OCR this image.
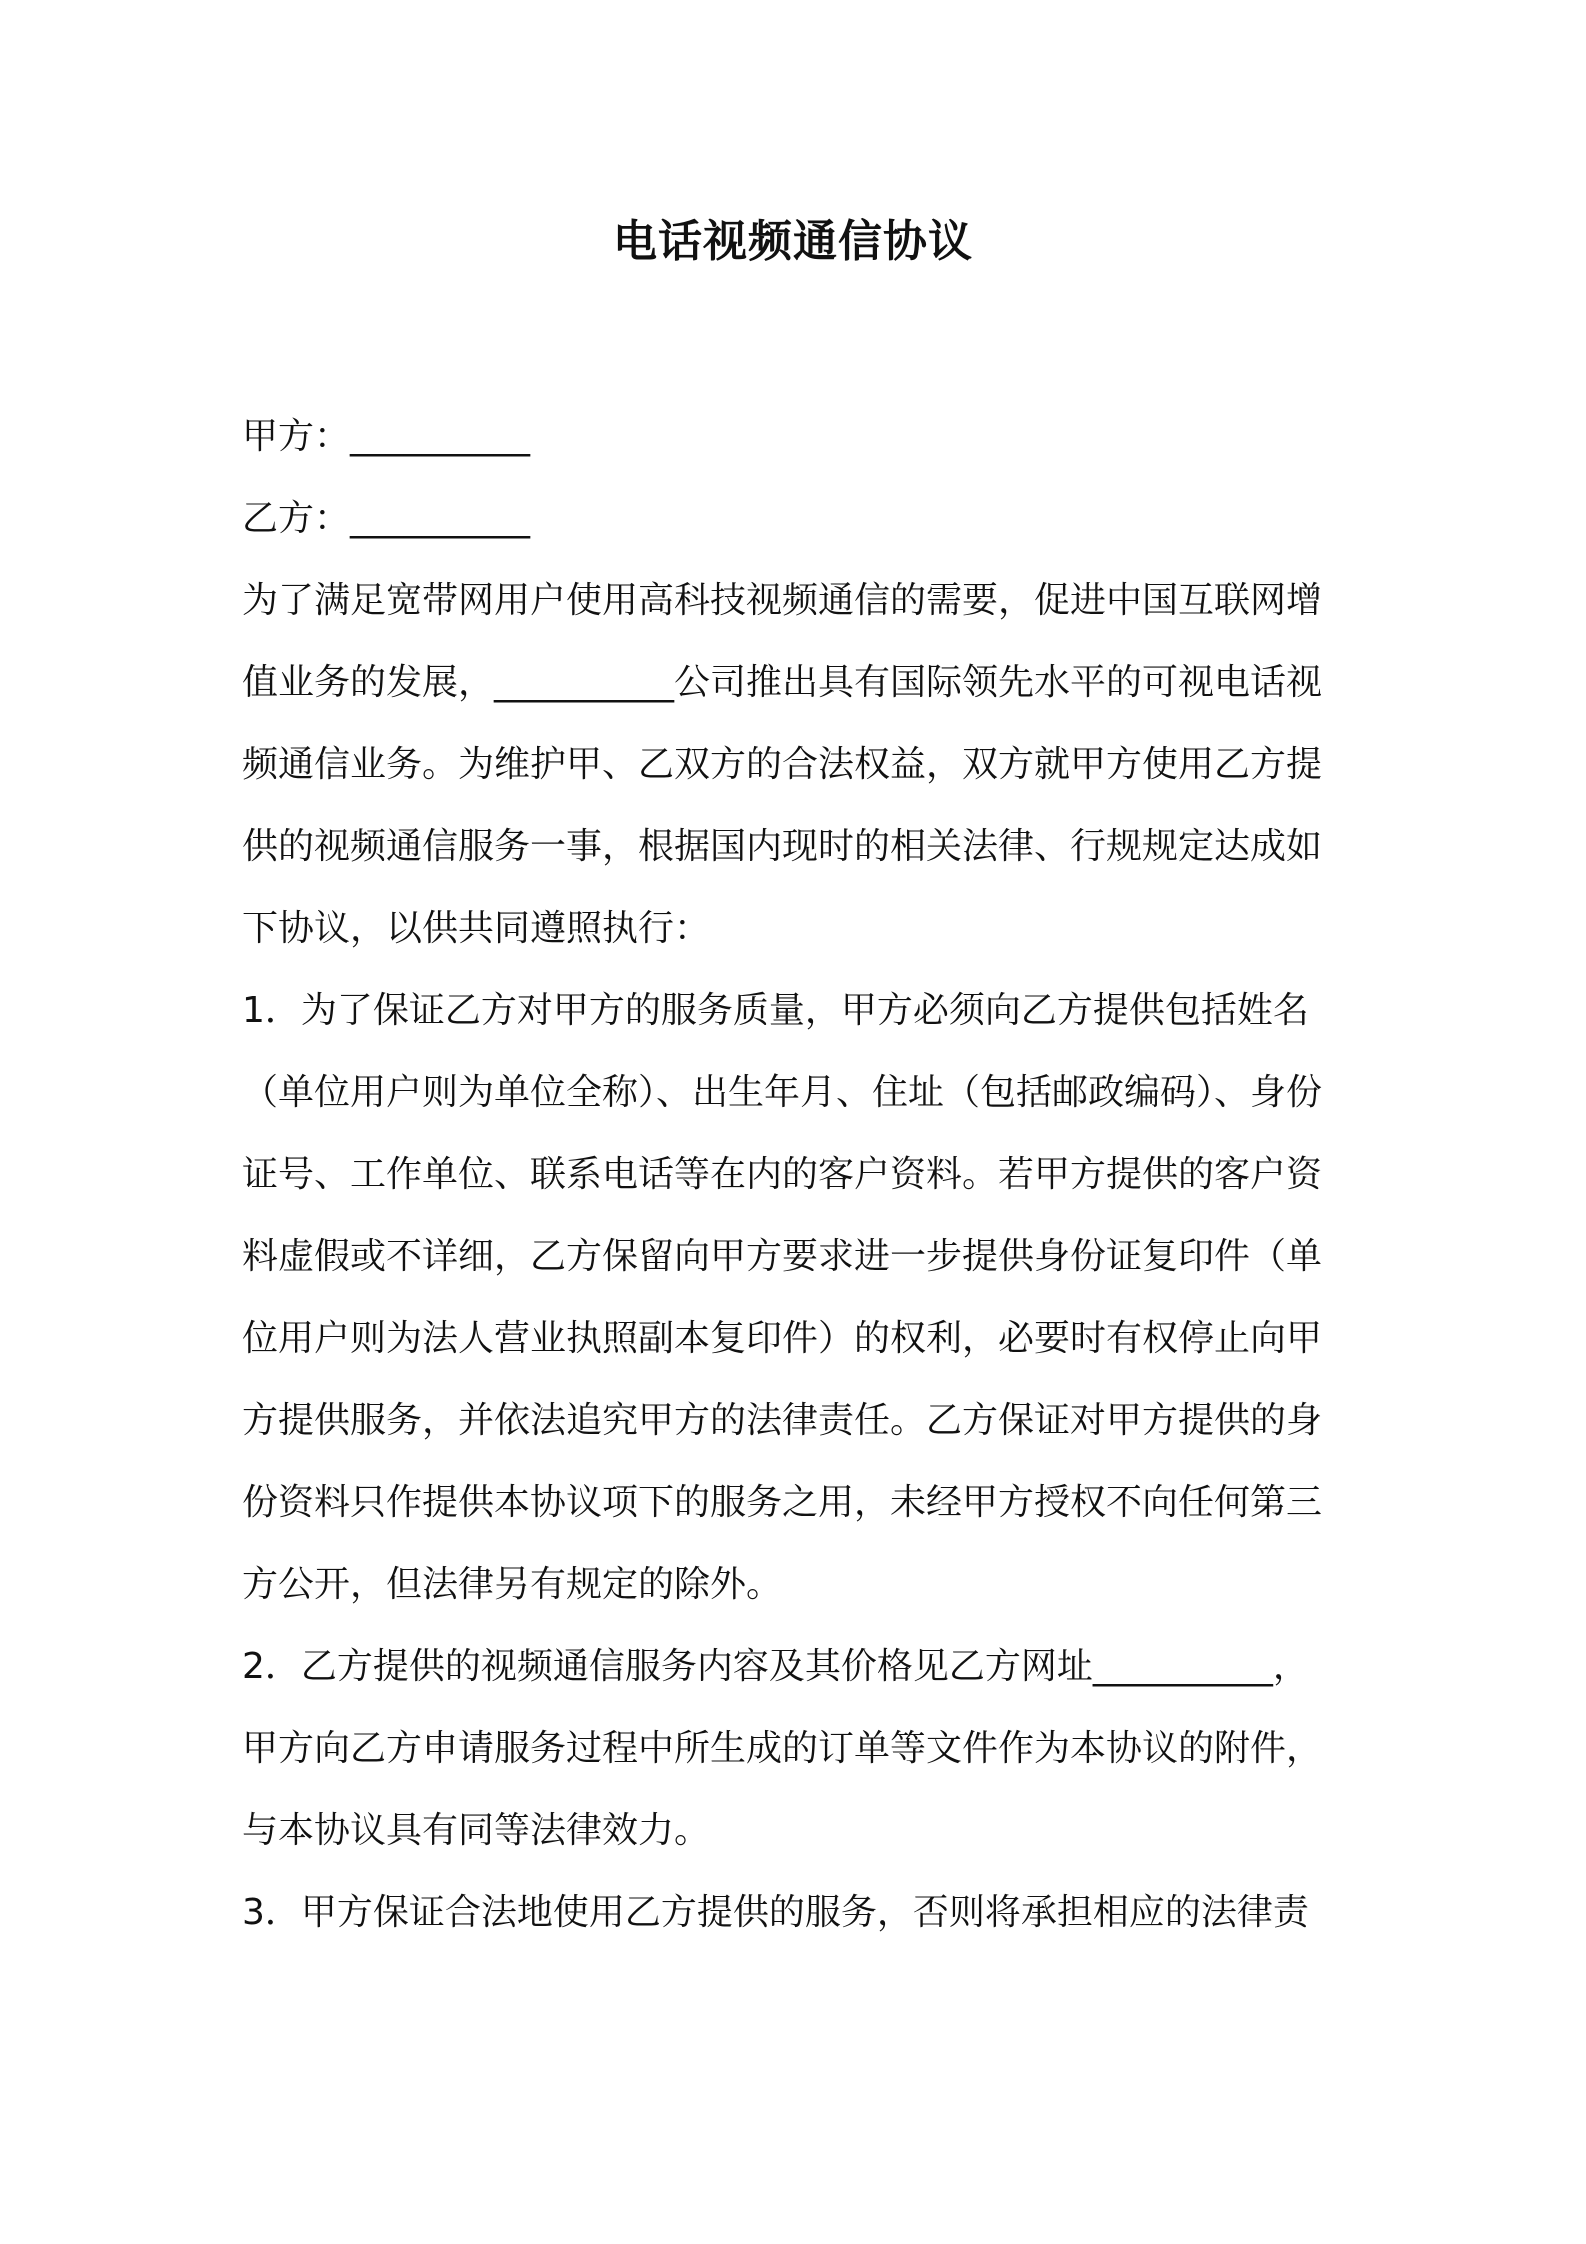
电话视频通信协议
甲方：__________
乙方：__________
为了满足宽带网用户使用高科技视频通信的需要，促进中国互联网增
值业务的发展，__________公司推出具有国际领先水平的可视电话视
频通信业务。为维护甲、乙双方的合法权益，双方就甲方使用乙方提
供的视频通信服务一事，根据国内现时的相关法律、行规规定达成如
下协议，以供共同遵照执行：
1．为了保证乙方对甲方的服务质量，甲方必须向乙方提供包括姓名
（单位用户则为单位全称）、出生年月、住址（包括邮政编码）、身份
证号、工作单位、联系电话等在内的客户资料。若甲方提供的客户资
料虚假或不详细，乙方保留向甲方要求进一步提供身份证复印件（单
位用户则为法人营业执照副本复印件）的权利，必要时有权停止向甲
方提供服务，并依法追究甲方的法律责任。乙方保证对甲方提供的身
份资料只作提供本协议项下的服务之用，未经甲方授权不向任何第三
方公开，但法律另有规定的除外。
2．乙方提供的视频通信服务内容及其价格见乙方网址__________，
甲方向乙方申请服务过程中所生成的订单等文件作为本协议的附件，
与本协议具有同等法律效力。
3．甲方保证合法地使用乙方提供的服务，否则将承担相应的法律责
